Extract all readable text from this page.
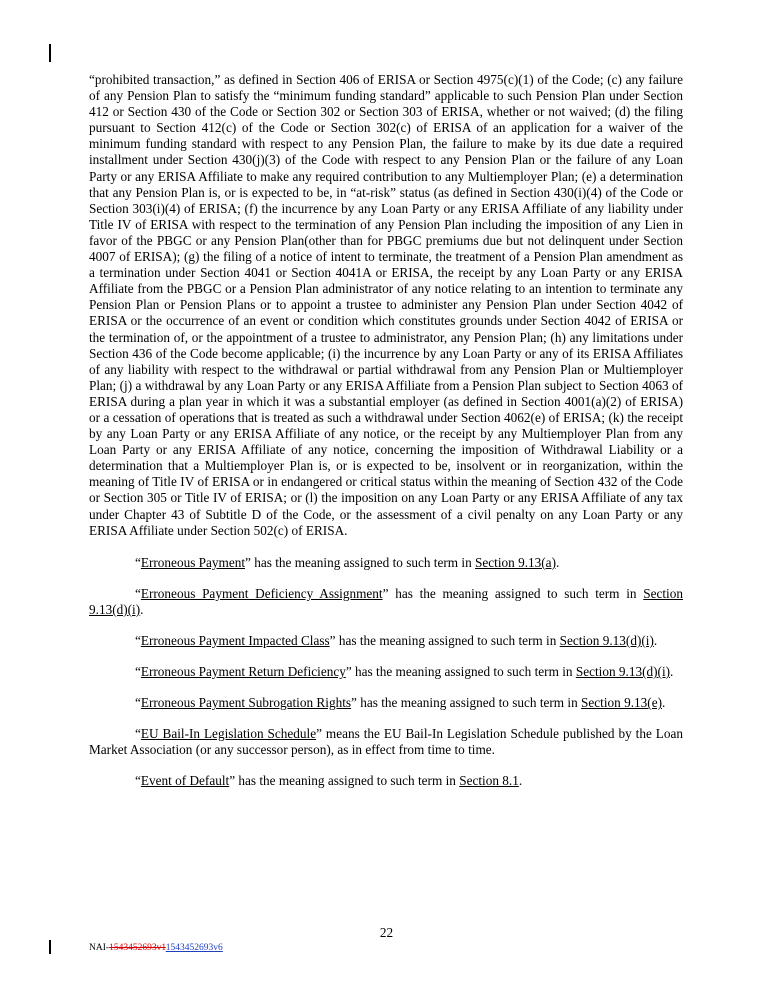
“prohibited transaction,” as defined in Section 406 of ERISA or Section 4975(c)(1) of the Code; (c) any failure of any Pension Plan to satisfy the “minimum funding standard” applicable to such Pension Plan under Section 412 or Section 430 of the Code or Section 302 or Section 303 of ERISA, whether or not waived; (d) the filing pursuant to Section 412(c) of the Code or Section 302(c) of ERISA of an application for a waiver of the minimum funding standard with respect to any Pension Plan, the failure to make by its due date a required installment under Section 430(j)(3) of the Code with respect to any Pension Plan or the failure of any Loan Party or any ERISA Affiliate to make any required contribution to any Multiemployer Plan; (e) a determination that any Pension Plan is, or is expected to be, in “at-risk” status (as defined in Section 430(i)(4) of the Code or Section 303(i)(4) of ERISA; (f) the incurrence by any Loan Party or any ERISA Affiliate of any liability under Title IV of ERISA with respect to the termination of any Pension Plan including the imposition of any Lien in favor of the PBGC or any Pension Plan(other than for PBGC premiums due but not delinquent under Section 4007 of ERISA); (g) the filing of a notice of intent to terminate, the treatment of a Pension Plan amendment as a termination under Section 4041 or Section 4041A or ERISA, the receipt by any Loan Party or any ERISA Affiliate from the PBGC or a Pension Plan administrator of any notice relating to an intention to terminate any Pension Plan or Pension Plans or to appoint a trustee to administer any Pension Plan under Section 4042 of ERISA or the occurrence of an event or condition which constitutes grounds under Section 4042 of ERISA or the termination of, or the appointment of a trustee to administrator, any Pension Plan; (h) any limitations under Section 436 of the Code become applicable; (i) the incurrence by any Loan Party or any of its ERISA Affiliates of any liability with respect to the withdrawal or partial withdrawal from any Pension Plan or Multiemployer Plan; (j) a withdrawal by any Loan Party or any ERISA Affiliate from a Pension Plan subject to Section 4063 of ERISA during a plan year in which it was a substantial employer (as defined in Section 4001(a)(2) of ERISA) or a cessation of operations that is treated as such a withdrawal under Section 4062(e) of ERISA; (k) the receipt by any Loan Party or any ERISA Affiliate of any notice, or the receipt by any Multiemployer Plan from any Loan Party or any ERISA Affiliate of any notice, concerning the imposition of Withdrawal Liability or a determination that a Multiemployer Plan is, or is expected to be, insolvent or in reorganization, within the meaning of Title IV of ERISA or in endangered or critical status within the meaning of Section 432 of the Code or Section 305 or Title IV of ERISA; or (l) the imposition on any Loan Party or any ERISA Affiliate of any tax under Chapter 43 of Subtitle D of the Code, or the assessment of a civil penalty on any Loan Party or any ERISA Affiliate under Section 502(c) of ERISA.

“Erroneous Payment” has the meaning assigned to such term in Section 9.13(a).

“Erroneous Payment Deficiency Assignment” has the meaning assigned to such term in Section 9.13(d)(i).

“Erroneous Payment Impacted Class” has the meaning assigned to such term in Section 9.13(d)(i).

“Erroneous Payment Return Deficiency” has the meaning assigned to such term in Section 9.13(d)(i).

“Erroneous Payment Subrogation Rights” has the meaning assigned to such term in Section 9.13(e).

“EU Bail-In Legislation Schedule” means the EU Bail-In Legislation Schedule published by the Loan Market Association (or any successor person), as in effect from time to time.

“Event of Default” has the meaning assigned to such term in Section 8.1.

22
NAI-1543452693v11543452693v6
